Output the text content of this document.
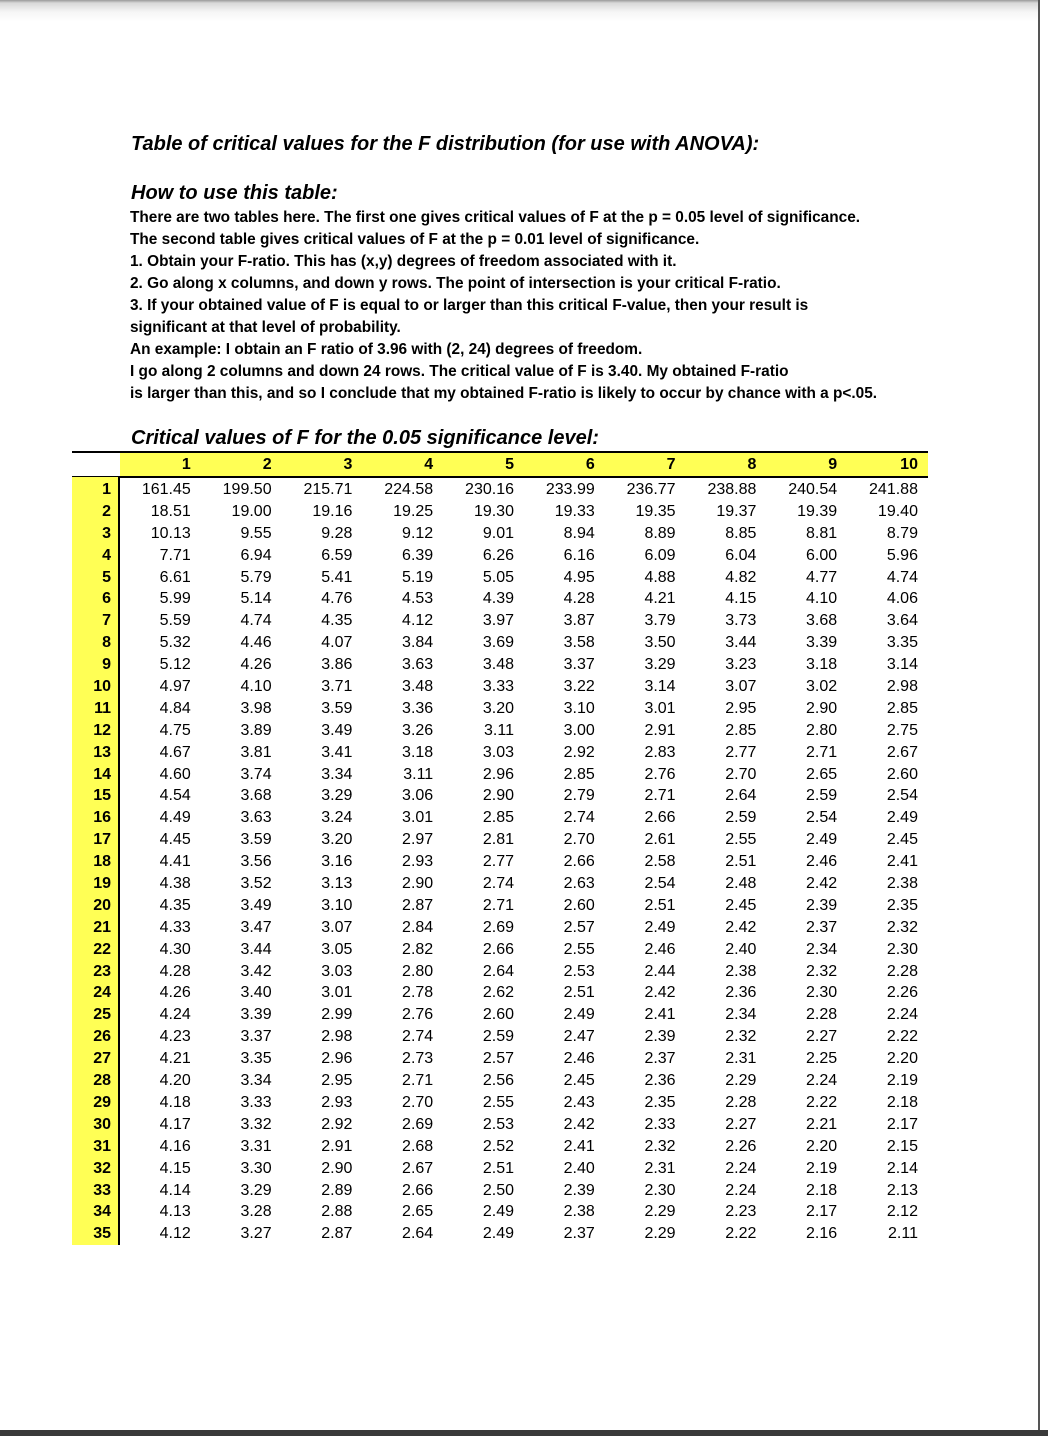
Table of critical values for the F distribution (for use with ANOVA):
How to use this table:
There are two tables here. The first one gives critical values of F at the p = 0.05 level of significance.
The second table gives critical values of F at the p = 0.01 level of significance.
1. Obtain your F-ratio. This has (x,y) degrees of freedom associated with it.
2. Go along x columns, and down y rows. The point of intersection is your critical F-ratio.
3. If your obtained value of F is equal to or larger than this critical F-value, then your result is
significant at that level of probability.
An example: I obtain an F ratio of 3.96 with (2, 24) degrees of freedom.
I go along 2 columns and down 24 rows. The critical value of F is 3.40. My obtained F-ratio
is larger than this, and so I conclude that my obtained F-ratio is likely to occur by chance with a p<.05.
Critical values of F for the 0.05 significance level:
1	2	3	4	5	6	7	8	9	10
1	161.45	199.50	215.71	224.58	230.16	233.99	236.77	238.88	240.54	241.88
2	18.51	19.00	19.16	19.25	19.30	19.33	19.35	19.37	19.39	19.40
3	10.13	9.55	9.28	9.12	9.01	8.94	8.89	8.85	8.81	8.79
4	7.71	6.94	6.59	6.39	6.26	6.16	6.09	6.04	6.00	5.96
5	6.61	5.79	5.41	5.19	5.05	4.95	4.88	4.82	4.77	4.74
6	5.99	5.14	4.76	4.53	4.39	4.28	4.21	4.15	4.10	4.06
7	5.59	4.74	4.35	4.12	3.97	3.87	3.79	3.73	3.68	3.64
8	5.32	4.46	4.07	3.84	3.69	3.58	3.50	3.44	3.39	3.35
9	5.12	4.26	3.86	3.63	3.48	3.37	3.29	3.23	3.18	3.14
10	4.97	4.10	3.71	3.48	3.33	3.22	3.14	3.07	3.02	2.98
11	4.84	3.98	3.59	3.36	3.20	3.10	3.01	2.95	2.90	2.85
12	4.75	3.89	3.49	3.26	3.11	3.00	2.91	2.85	2.80	2.75
13	4.67	3.81	3.41	3.18	3.03	2.92	2.83	2.77	2.71	2.67
14	4.60	3.74	3.34	3.11	2.96	2.85	2.76	2.70	2.65	2.60
15	4.54	3.68	3.29	3.06	2.90	2.79	2.71	2.64	2.59	2.54
16	4.49	3.63	3.24	3.01	2.85	2.74	2.66	2.59	2.54	2.49
17	4.45	3.59	3.20	2.97	2.81	2.70	2.61	2.55	2.49	2.45
18	4.41	3.56	3.16	2.93	2.77	2.66	2.58	2.51	2.46	2.41
19	4.38	3.52	3.13	2.90	2.74	2.63	2.54	2.48	2.42	2.38
20	4.35	3.49	3.10	2.87	2.71	2.60	2.51	2.45	2.39	2.35
21	4.33	3.47	3.07	2.84	2.69	2.57	2.49	2.42	2.37	2.32
22	4.30	3.44	3.05	2.82	2.66	2.55	2.46	2.40	2.34	2.30
23	4.28	3.42	3.03	2.80	2.64	2.53	2.44	2.38	2.32	2.28
24	4.26	3.40	3.01	2.78	2.62	2.51	2.42	2.36	2.30	2.26
25	4.24	3.39	2.99	2.76	2.60	2.49	2.41	2.34	2.28	2.24
26	4.23	3.37	2.98	2.74	2.59	2.47	2.39	2.32	2.27	2.22
27	4.21	3.35	2.96	2.73	2.57	2.46	2.37	2.31	2.25	2.20
28	4.20	3.34	2.95	2.71	2.56	2.45	2.36	2.29	2.24	2.19
29	4.18	3.33	2.93	2.70	2.55	2.43	2.35	2.28	2.22	2.18
30	4.17	3.32	2.92	2.69	2.53	2.42	2.33	2.27	2.21	2.17
31	4.16	3.31	2.91	2.68	2.52	2.41	2.32	2.26	2.20	2.15
32	4.15	3.30	2.90	2.67	2.51	2.40	2.31	2.24	2.19	2.14
33	4.14	3.29	2.89	2.66	2.50	2.39	2.30	2.24	2.18	2.13
34	4.13	3.28	2.88	2.65	2.49	2.38	2.29	2.23	2.17	2.12
35	4.12	3.27	2.87	2.64	2.49	2.37	2.29	2.22	2.16	2.11
